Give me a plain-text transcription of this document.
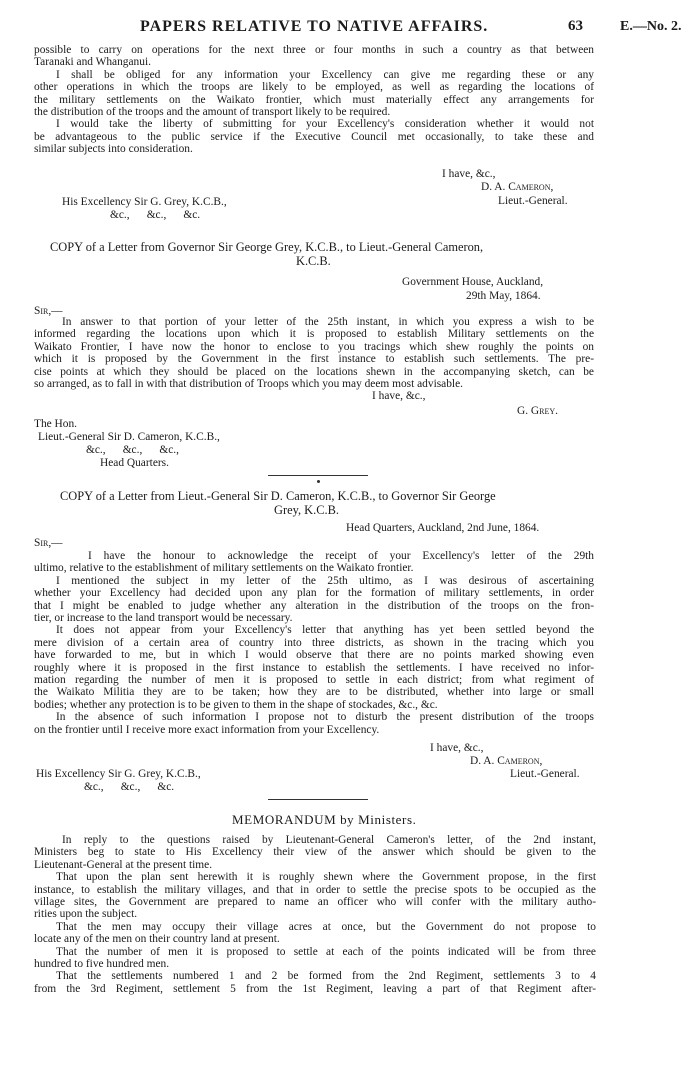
PAPERS RELATIVE TO NATIVE AFFAIRS.	63	E.—No. 2.
possible to carry on operations for the next three or four months in such a country as that between
Taranaki and Whanganui.
I shall be obliged for any information your Excellency can give me regarding these or any
other operations in which the troops are likely to be employed, as well as regarding the locations of
the military settlements on the Waikato frontier, which must materially effect any arrangements for
the distribution of the troops and the amount of transport likely to be required.
I would take the liberty of submitting for your Excellency's consideration whether it would not
be advantageous to the public service if the Executive Council met occasionally, to take these and
similar subjects into consideration.
I have, &c.,
D. A. Cameron,
Lieut.-General.
His Excellency Sir G. Grey, K.C.B.,
&c.,      &c.,      &c.
COPY of a Letter from Governor Sir George Grey, K.C.B., to Lieut.-General Cameron,
K.C.B.
Government House, Auckland,
29th May, 1864.
Sir,—
In answer to that portion of your letter of the 25th instant, in which you express a wish to be
informed regarding the locations upon which it is proposed to establish Military settlements on the
Waikato Frontier, I have now the honor to enclose to you tracings which shew roughly the points on
which it is proposed by the Government in the first instance to establish such settlements. The pre-
cise points at which they should be placed on the locations shewn in the accompanying sketch, can be
so arranged, as to fall in with that distribution of Troops which you may deem most advisable.
I have, &c.,
G. Grey.
The Hon.
Lieut.-General Sir D. Cameron, K.C.B.,
&c.,      &c.,      &c.,
Head Quarters.
COPY of a Letter from Lieut.-General Sir D. Cameron, K.C.B., to Governor Sir George
Grey, K.C.B.
Head Quarters, Auckland, 2nd June, 1864.
Sir,—
I have the honour to acknowledge the receipt of your Excellency's letter of the 29th
ultimo, relative to the establishment of military settlements on the Waikato frontier.
I mentioned the subject in my letter of the 25th ultimo, as I was desirous of ascertaining
whether your Excellency had decided upon any plan for the formation of military settlements, in order
that I might be enabled to judge whether any alteration in the distribution of the troops on the fron-
tier, or increase to the land transport would be necessary.
It does not appear from your Excellency's letter that anything has yet been settled beyond the
mere division of a certain area of country into three districts, as shown in the tracing which you
have forwarded to me, but in which I would observe that there are no points marked showing even
roughly where it is proposed in the first instance to establish the settlements. I have received no infor-
mation regarding the number of men it is proposed to settle in each district; from what regiment of
the Waikato Militia they are to be taken; how they are to be distributed, whether into large or small
bodies; whether any protection is to be given to them in the shape of stockades, &c., &c.
In the absence of such information I propose not to disturb the present distribution of the troops
on the frontier until I receive more exact information from your Excellency.
I have, &c.,
D. A. Cameron,
Lieut.-General.
His Excellency Sir G. Grey, K.C.B.,
&c.,      &c.,      &c.
MEMORANDUM by Ministers.
In reply to the questions raised by Lieutenant-General Cameron's letter, of the 2nd instant,
Ministers beg to state to His Excellency their view of the answer which should be given to the
Lieutenant-General at the present time.
That upon the plan sent herewith it is roughly shewn where the Government propose, in the first
instance, to establish the military villages, and that in order to settle the precise spots to be occupied as the
village sites, the Government are prepared to name an officer who will confer with the military autho-
rities upon the subject.
That the men may occupy their village acres at once, but the Government do not propose to
locate any of the men on their country land at present.
That the number of men it is proposed to settle at each of the points indicated will be from three
hundred to five hundred men.
That the settlements numbered 1 and 2 be formed from the 2nd Regiment, settlements 3 to 4
from the 3rd Regiment, settlement 5 from the 1st Regiment, leaving a part of that Regiment after-
